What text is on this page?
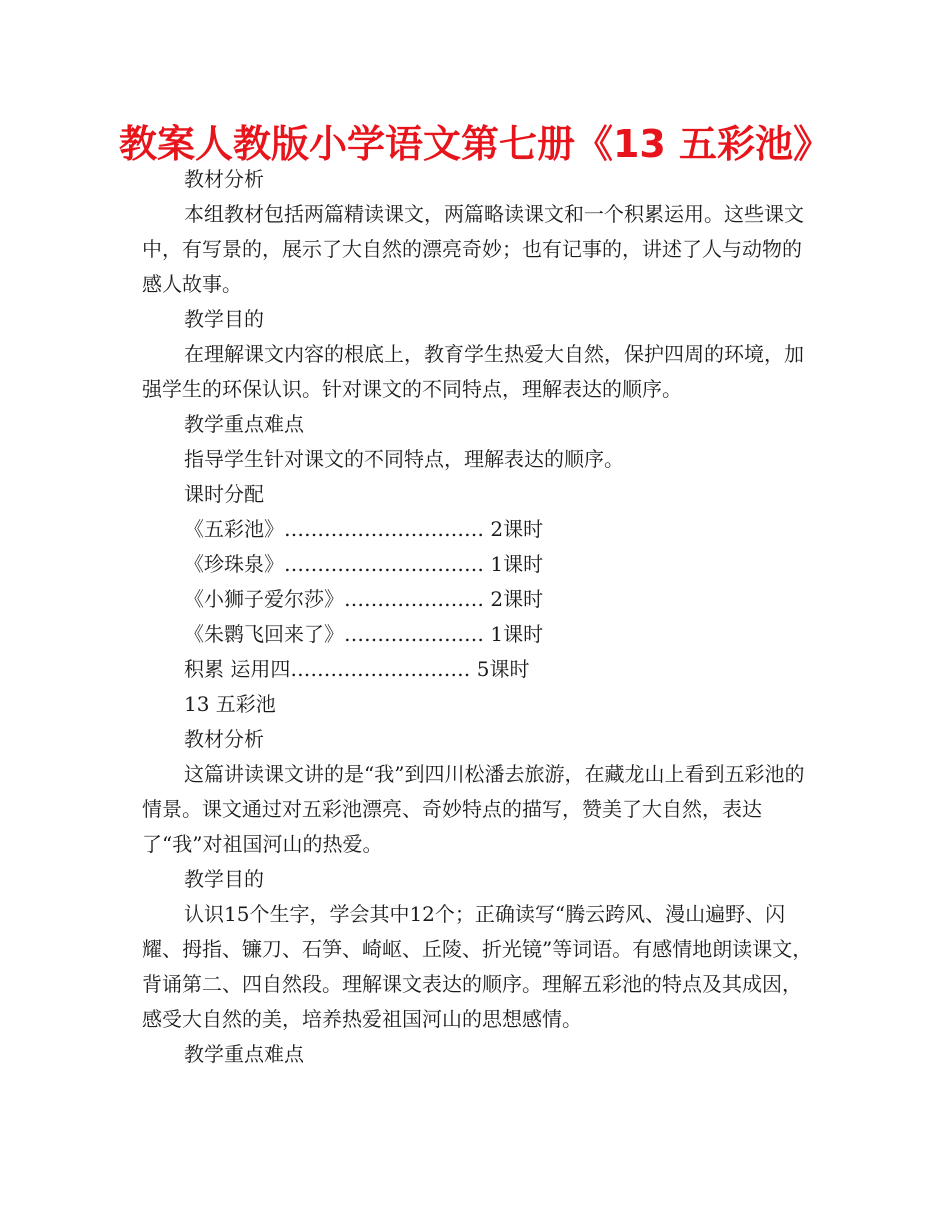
教案人教版小学语文第七册《13 五彩池》
教材分析
本组教材包括两篇精读课文，两篇略读课文和一个积累运用。这些课文中，有写景的，展示了大自然的漂亮奇妙；也有记事的，讲述了人与动物的感人故事。
教学目的
在理解课文内容的根底上，教育学生热爱大自然，保护四周的环境，加强学生的环保认识。针对课文的不同特点，理解表达的顺序。
教学重点难点
指导学生针对课文的不同特点，理解表达的顺序。
课时分配
《五彩池》………………………… 2课时
《珍珠泉》………………………… 1课时
《小狮子爱尔莎》………………… 2课时
《朱鹮飞回来了》………………… 1课时
积累 运用四……………………… 5课时
13 五彩池
教材分析
这篇讲读课文讲的是“我”到四川松潘去旅游，在藏龙山上看到五彩池的情景。课文通过对五彩池漂亮、奇妙特点的描写，赞美了大自然，表达了“我”对祖国河山的热爱。
教学目的
认识15个生字，学会其中12个；正确读写“腾云跨风、漫山遍野、闪耀、拇指、镰刀、石笋、崎岖、丘陵、折光镜”等词语。有感情地朗读课文，背诵第二、四自然段。理解课文表达的顺序。理解五彩池的特点及其成因，感受大自然的美，培养热爱祖国河山的思想感情。
教学重点难点
